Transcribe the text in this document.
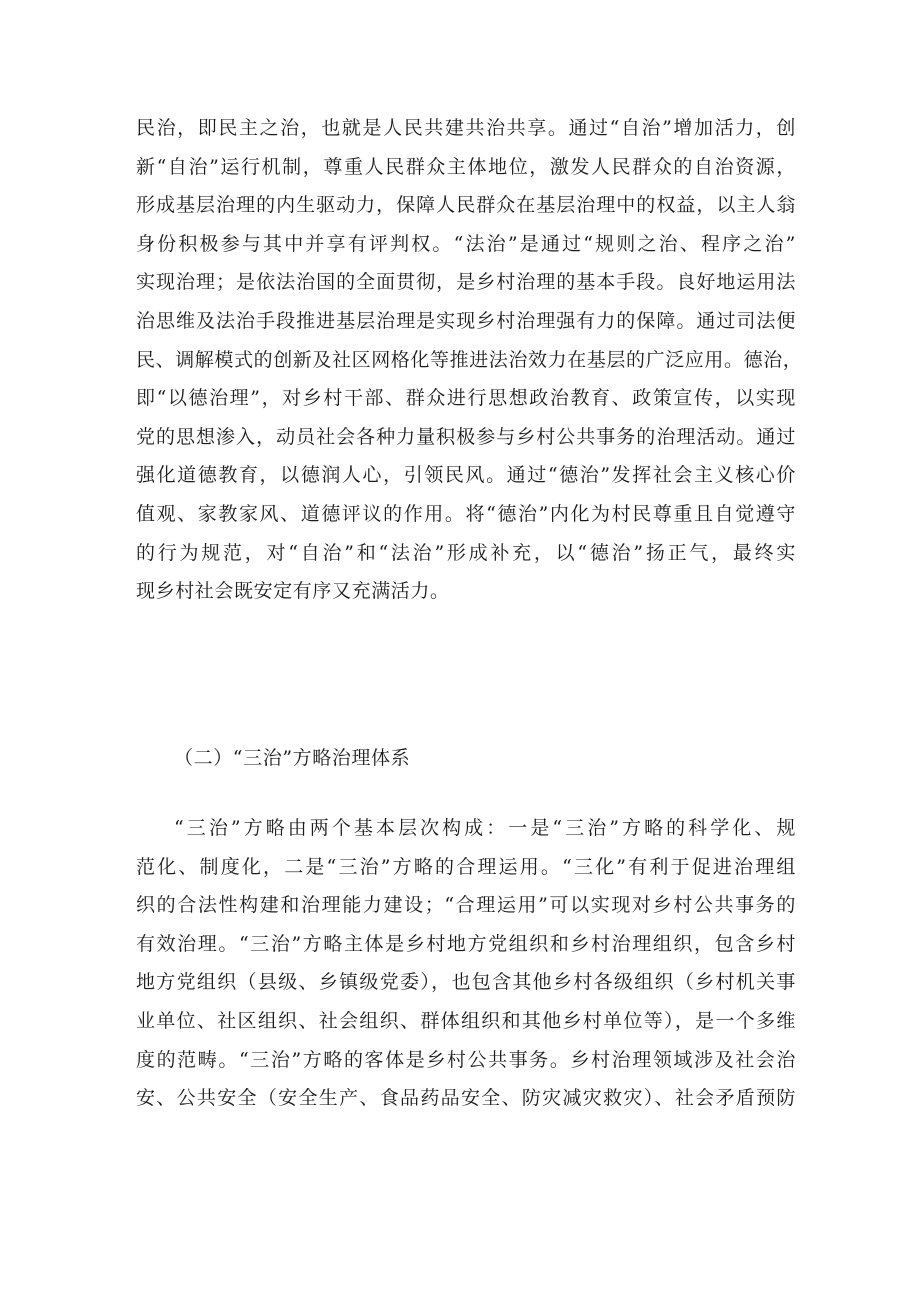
民治，即民主之治，也就是人民共建共治共享。通过“自治”增加活力，创
新“自治”运行机制，尊重人民群众主体地位，激发人民群众的自治资源，
形成基层治理的内生驱动力，保障人民群众在基层治理中的权益，以主人翁
身份积极参与其中并享有评判权。“法治”是通过“规则之治、程序之治”
实现治理；是依法治国的全面贯彻，是乡村治理的基本手段。良好地运用法
治思维及法治手段推进基层治理是实现乡村治理强有力的保障。通过司法便
民、调解模式的创新及社区网格化等推进法治效力在基层的广泛应用。德治，
即“以德治理”，对乡村干部、群众进行思想政治教育、政策宣传，以实现
党的思想渗入，动员社会各种力量积极参与乡村公共事务的治理活动。通过
强化道德教育，以德润人心，引领民风。通过“德治”发挥社会主义核心价
值观、家教家风、道德评议的作用。将“德治”内化为村民尊重且自觉遵守
的行为规范，对“自治”和“法治”形成补充，以“德治”扬正气，最终实
现乡村社会既安定有序又充满活力。
（二）“三治”方略治理体系
“三治”方略由两个基本层次构成：一是“三治”方略的科学化、规
范化、制度化，二是“三治”方略的合理运用。“三化”有利于促进治理组
织的合法性构建和治理能力建设；“合理运用”可以实现对乡村公共事务的
有效治理。“三治”方略主体是乡村地方党组织和乡村治理组织，包含乡村
地方党组织（县级、乡镇级党委），也包含其他乡村各级组织（乡村机关事
业单位、社区组织、社会组织、群体组织和其他乡村单位等），是一个多维
度的范畴。“三治”方略的客体是乡村公共事务。乡村治理领域涉及社会治
安、公共安全（安全生产、食品药品安全、防灾减灾救灾）、社会矛盾预防
